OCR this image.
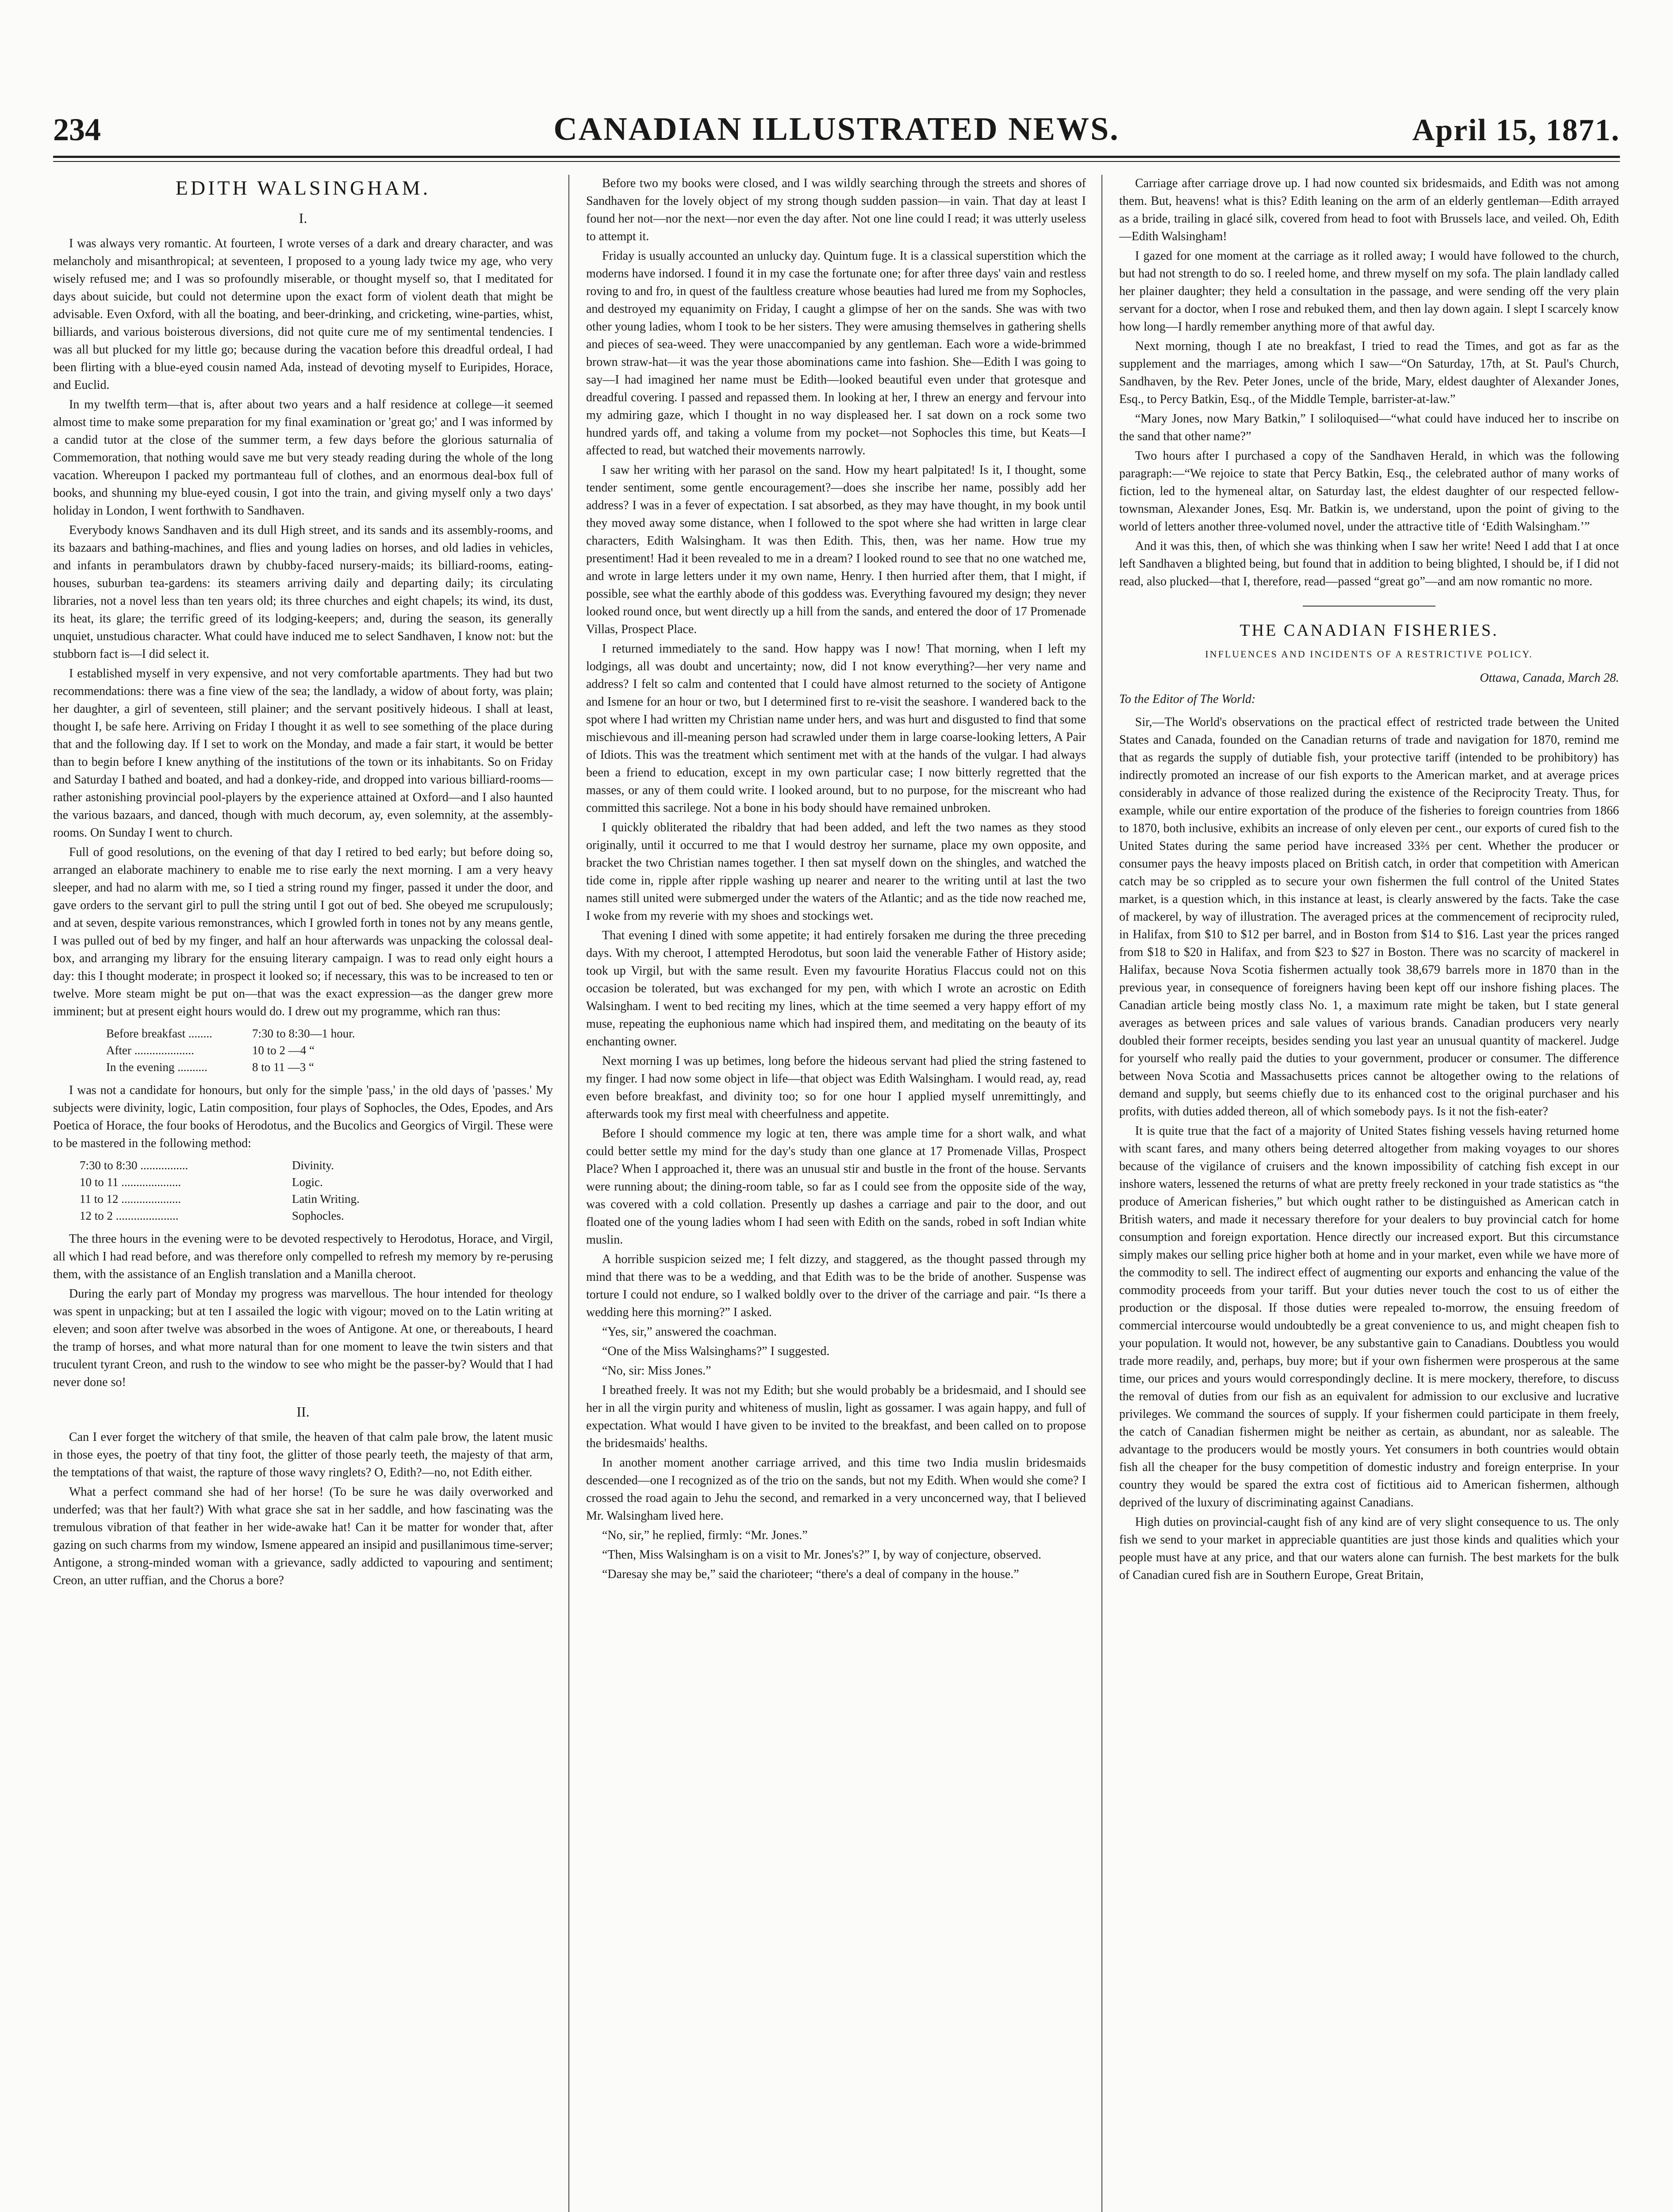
234	CANADIAN ILLUSTRATED NEWS.	April 15, 1871.
EDITH WALSINGHAM.
I.

I was always very romantic. At fourteen, I wrote verses of a dark and dreary character, and was melancholy and misanthropical; at seventeen, I proposed to a young lady twice my age, who very wisely refused me; and I was so profoundly miserable, or thought myself so, that I meditated for days about suicide, but could not determine upon the exact form of violent death that might be advisable. Even Oxford, with all the boating, and beer-drinking, and cricketing, wine-parties, whist, billiards, and various boisterous diversions, did not quite cure me of my sentimental tendencies. I was all but plucked for my little go; because during the vacation before this dreadful ordeal, I had been flirting with a blue-eyed cousin named Ada, instead of devoting myself to Euripides, Horace, and Euclid.

In my twelfth term—that is, after about two years and a half residence at college—it seemed almost time to make some preparation for my final examination or 'great go;' and I was informed by a candid tutor at the close of the summer term, a few days before the glorious saturnalia of Commemoration, that nothing would save me but very steady reading during the whole of the long vacation. Whereupon I packed my portmanteau full of clothes, and an enormous deal-box full of books, and shunning my blue-eyed cousin, I got into the train, and giving myself only a two days' holiday in London, I went forthwith to Sandhaven.

Everybody knows Sandhaven and its dull High street, and its sands and its assembly-rooms, and its bazaars and bathing-machines, and flies and young ladies on horses, and old ladies in vehicles, and infants in perambulators drawn by chubby-faced nursery-maids; its billiard-rooms, eating-houses, suburban tea-gardens: its steamers arriving daily and departing daily; its circulating libraries, not a novel less than ten years old; its three churches and eight chapels; its wind, its dust, its heat, its glare; the terrific greed of its lodging-keepers; and, during the season, its generally unquiet, unstudious character. What could have induced me to select Sandhaven, I know not: but the stubborn fact is—I did select it.

I established myself in very expensive, and not very comfortable apartments. They had but two recommendations: there was a fine view of the sea; the landlady, a widow of about forty, was plain; her daughter, a girl of seventeen, still plainer; and the servant positively hideous. I shall at least, thought I, be safe here. Arriving on Friday I thought it as well to see something of the place during that and the following day. If I set to work on the Monday, and made a fair start, it would be better than to begin before I knew anything of the institutions of the town or its inhabitants. So on Friday and Saturday I bathed and boated, and had a donkey-ride, and dropped into various billiard-rooms—rather astonishing provincial pool-players by the experience attained at Oxford—and I also haunted the various bazaars, and danced, though with much decorum, ay, even solemnity, at the assembly-rooms. On Sunday I went to church.

Full of good resolutions, on the evening of that day I retired to bed early; but before doing so, arranged an elaborate machinery to enable me to rise early the next morning. I am a very heavy sleeper, and had no alarm with me, so I tied a string round my finger, passed it under the door, and gave orders to the servant girl to pull the string until I got out of bed. She obeyed me scrupulously; and at seven, despite various remonstrances, which I growled forth in tones not by any means gentle, I was pulled out of bed by my finger, and half an hour afterwards was unpacking the colossal deal-box, and arranging my library for the ensuing literary campaign. I was to read only eight hours a day: this I thought moderate; in prospect it looked so; if necessary, this was to be increased to ten or twelve. More steam might be put on—that was the exact expression—as the danger grew more imminent; but at present eight hours would do. I drew out my programme, which ran thus:

Before breakfast ........	7:30 to 8:30—1 hour.
After ....................	10 to 2 —4 “
In the evening ..........	8 to 11 —3 “

I was not a candidate for honours, but only for the simple 'pass,' in the old days of 'passes.' My subjects were divinity, logic, Latin composition, four plays of Sophocles, the Odes, Epodes, and Ars Poetica of Horace, the four books of Herodotus, and the Bucolics and Georgics of Virgil. These were to be mastered in the following method:

7:30 to 8:30 ................	Divinity.
10 to 11 ....................	Logic.
11 to 12 ....................	Latin Writing.
12 to 2 .....................	Sophocles.

The three hours in the evening were to be devoted respectively to Herodotus, Horace, and Virgil, all which I had read before, and was therefore only compelled to refresh my memory by re-perusing them, with the assistance of an English translation and a Manilla cheroot.

During the early part of Monday my progress was marvellous. The hour intended for theology was spent in unpacking; but at ten I assailed the logic with vigour; moved on to the Latin writing at eleven; and soon after twelve was absorbed in the woes of Antigone. At one, or thereabouts, I heard the tramp of horses, and what more natural than for one moment to leave the twin sisters and that truculent tyrant Creon, and rush to the window to see who might be the passer-by? Would that I had never done so!

II.

Can I ever forget the witchery of that smile, the heaven of that calm pale brow, the latent music in those eyes, the poetry of that tiny foot, the glitter of those pearly teeth, the majesty of that arm, the temptations of that waist, the rapture of those wavy ringlets? O, Edith?—no, not Edith either.

What a perfect command she had of her horse! (To be sure he was daily overworked and underfed; was that her fault?) With what grace she sat in her saddle, and how fascinating was the tremulous vibration of that feather in her wide-awake hat! Can it be matter for wonder that, after gazing on such charms from my window, Ismene appeared an insipid and pusillanimous time-server; Antigone, a strong-minded woman with a grievance, sadly addicted to vapouring and sentiment; Creon, an utter ruffian, and the Chorus a bore?

Before two my books were closed, and I was wildly searching through the streets and shores of Sandhaven for the lovely object of my strong though sudden passion—in vain. That day at least I found her not—nor the next—nor even the day after. Not one line could I read; it was utterly useless to attempt it.

Friday is usually accounted an unlucky day. Quintum fuge. It is a classical superstition which the moderns have indorsed. I found it in my case the fortunate one; for after three days' vain and restless roving to and fro, in quest of the faultless creature whose beauties had lured me from my Sophocles, and destroyed my equanimity on Friday, I caught a glimpse of her on the sands. She was with two other young ladies, whom I took to be her sisters. They were amusing themselves in gathering shells and pieces of sea-weed. They were unaccompanied by any gentleman. Each wore a wide-brimmed brown straw-hat—it was the year those abominations came into fashion. She—Edith I was going to say—I had imagined her name must be Edith—looked beautiful even under that grotesque and dreadful covering. I passed and repassed them. In looking at her, I threw an energy and fervour into my admiring gaze, which I thought in no way displeased her. I sat down on a rock some two hundred yards off, and taking a volume from my pocket—not Sophocles this time, but Keats—I affected to read, but watched their movements narrowly.

I saw her writing with her parasol on the sand. How my heart palpitated! Is it, I thought, some tender sentiment, some gentle encouragement?—does she inscribe her name, possibly add her address? I was in a fever of expectation. I sat absorbed, as they may have thought, in my book until they moved away some distance, when I followed to the spot where she had written in large clear characters, Edith Walsingham. It was then Edith. This, then, was her name. How true my presentiment! Had it been revealed to me in a dream? I looked round to see that no one watched me, and wrote in large letters under it my own name, Henry. I then hurried after them, that I might, if possible, see what the earthly abode of this goddess was. Everything favoured my design; they never looked round once, but went directly up a hill from the sands, and entered the door of 17 Promenade Villas, Prospect Place.

I returned immediately to the sand. How happy was I now! That morning, when I left my lodgings, all was doubt and uncertainty; now, did I not know everything?—her very name and address? I felt so calm and contented that I could have almost returned to the society of Antigone and Ismene for an hour or two, but I determined first to re-visit the seashore. I wandered back to the spot where I had written my Christian name under hers, and was hurt and disgusted to find that some mischievous and ill-meaning person had scrawled under them in large coarse-looking letters, A Pair of Idiots. This was the treatment which sentiment met with at the hands of the vulgar. I had always been a friend to education, except in my own particular case; I now bitterly regretted that the masses, or any of them could write. I looked around, but to no purpose, for the miscreant who had committed this sacrilege. Not a bone in his body should have remained unbroken.

I quickly obliterated the ribaldry that had been added, and left the two names as they stood originally, until it occurred to me that I would destroy her surname, place my own opposite, and bracket the two Christian names together. I then sat myself down on the shingles, and watched the tide come in, ripple after ripple washing up nearer and nearer to the writing until at last the two names still united were submerged under the waters of the Atlantic; and as the tide now reached me, I woke from my reverie with my shoes and stockings wet.

That evening I dined with some appetite; it had entirely forsaken me during the three preceding days. With my cheroot, I attempted Herodotus, but soon laid the venerable Father of History aside; took up Virgil, but with the same result. Even my favourite Horatius Flaccus could not on this occasion be tolerated, but was exchanged for my pen, with which I wrote an acrostic on Edith Walsingham. I went to bed reciting my lines, which at the time seemed a very happy effort of my muse, repeating the euphonious name which had inspired them, and meditating on the beauty of its enchanting owner.

Next morning I was up betimes, long before the hideous servant had plied the string fastened to my finger. I had now some object in life—that object was Edith Walsingham. I would read, ay, read even before breakfast, and divinity too; so for one hour I applied myself unremittingly, and afterwards took my first meal with cheerfulness and appetite.

Before I should commence my logic at ten, there was ample time for a short walk, and what could better settle my mind for the day's study than one glance at 17 Promenade Villas, Prospect Place? When I approached it, there was an unusual stir and bustle in the front of the house. Servants were running about; the dining-room table, so far as I could see from the opposite side of the way, was covered with a cold collation. Presently up dashes a carriage and pair to the door, and out floated one of the young ladies whom I had seen with Edith on the sands, robed in soft Indian white muslin.

A horrible suspicion seized me; I felt dizzy, and staggered, as the thought passed through my mind that there was to be a wedding, and that Edith was to be the bride of another. Suspense was torture I could not endure, so I walked boldly over to the driver of the carriage and pair. “Is there a wedding here this morning?” I asked.

“Yes, sir,” answered the coachman.

“One of the Miss Walsinghams?” I suggested.

“No, sir: Miss Jones.”

I breathed freely. It was not my Edith; but she would probably be a bridesmaid, and I should see her in all the virgin purity and whiteness of muslin, light as gossamer. I was again happy, and full of expectation. What would I have given to be invited to the breakfast, and been called on to propose the bridesmaids' healths.

In another moment another carriage arrived, and this time two India muslin bridesmaids descended—one I recognized as of the trio on the sands, but not my Edith. When would she come? I crossed the road again to Jehu the second, and remarked in a very unconcerned way, that I believed Mr. Walsingham lived here.

“No, sir,” he replied, firmly: “Mr. Jones.”

“Then, Miss Walsingham is on a visit to Mr. Jones's?” I, by way of conjecture, observed.

“Daresay she may be,” said the charioteer; “there's a deal of company in the house.”

Carriage after carriage drove up. I had now counted six bridesmaids, and Edith was not among them. But, heavens! what is this? Edith leaning on the arm of an elderly gentleman—Edith arrayed as a bride, trailing in glacé silk, covered from head to foot with Brussels lace, and veiled. Oh, Edith—Edith Walsingham!

I gazed for one moment at the carriage as it rolled away; I would have followed to the church, but had not strength to do so. I reeled home, and threw myself on my sofa. The plain landlady called her plainer daughter; they held a consultation in the passage, and were sending off the very plain servant for a doctor, when I rose and rebuked them, and then lay down again. I slept I scarcely know how long—I hardly remember anything more of that awful day.

Next morning, though I ate no breakfast, I tried to read the Times, and got as far as the supplement and the marriages, among which I saw—“On Saturday, 17th, at St. Paul's Church, Sandhaven, by the Rev. Peter Jones, uncle of the bride, Mary, eldest daughter of Alexander Jones, Esq., to Percy Batkin, Esq., of the Middle Temple, barrister-at-law.”

“Mary Jones, now Mary Batkin,” I soliloquised—“what could have induced her to inscribe on the sand that other name?”

Two hours after I purchased a copy of the Sandhaven Herald, in which was the following paragraph:—“We rejoice to state that Percy Batkin, Esq., the celebrated author of many works of fiction, led to the hymeneal altar, on Saturday last, the eldest daughter of our respected fellow-townsman, Alexander Jones, Esq. Mr. Batkin is, we understand, upon the point of giving to the world of letters another three-volumed novel, under the attractive title of ‘Edith Walsingham.’”

And it was this, then, of which she was thinking when I saw her write! Need I add that I at once left Sandhaven a blighted being, but found that in addition to being blighted, I should be, if I did not read, also plucked—that I, therefore, read—passed “great go”—and am now romantic no more.

THE CANADIAN FISHERIES.
INFLUENCES AND INCIDENTS OF A RESTRICTIVE POLICY.
Ottawa, Canada, March 28.
To the Editor of The World:

Sir,—The World's observations on the practical effect of restricted trade between the United States and Canada, founded on the Canadian returns of trade and navigation for 1870, remind me that as regards the supply of dutiable fish, your protective tariff (intended to be prohibitory) has indirectly promoted an increase of our fish exports to the American market, and at average prices considerably in advance of those realized during the existence of the Reciprocity Treaty. Thus, for example, while our entire exportation of the produce of the fisheries to foreign countries from 1866 to 1870, both inclusive, exhibits an increase of only eleven per cent., our exports of cured fish to the United States during the same period have increased 33⅔ per cent. Whether the producer or consumer pays the heavy imposts placed on British catch, in order that competition with American catch may be so crippled as to secure your own fishermen the full control of the United States market, is a question which, in this instance at least, is clearly answered by the facts. Take the case of mackerel, by way of illustration. The averaged prices at the commencement of reciprocity ruled, in Halifax, from $10 to $12 per barrel, and in Boston from $14 to $16. Last year the prices ranged from $18 to $20 in Halifax, and from $23 to $27 in Boston. There was no scarcity of mackerel in Halifax, because Nova Scotia fishermen actually took 38,679 barrels more in 1870 than in the previous year, in consequence of foreigners having been kept off our inshore fishing places. The Canadian article being mostly class No. 1, a maximum rate might be taken, but I state general averages as between prices and sale values of various brands. Canadian producers very nearly doubled their former receipts, besides sending you last year an unusual quantity of mackerel. Judge for yourself who really paid the duties to your government, producer or consumer. The difference between Nova Scotia and Massachusetts prices cannot be altogether owing to the relations of demand and supply, but seems chiefly due to its enhanced cost to the original purchaser and his profits, with duties added thereon, all of which somebody pays. Is it not the fish-eater?

It is quite true that the fact of a majority of United States fishing vessels having returned home with scant fares, and many others being deterred altogether from making voyages to our shores because of the vigilance of cruisers and the known impossibility of catching fish except in our inshore waters, lessened the returns of what are pretty freely reckoned in your trade statistics as “the produce of American fisheries,” but which ought rather to be distinguished as American catch in British waters, and made it necessary therefore for your dealers to buy provincial catch for home consumption and foreign exportation. Hence directly our increased export. But this circumstance simply makes our selling price higher both at home and in your market, even while we have more of the commodity to sell. The indirect effect of augmenting our exports and enhancing the value of the commodity proceeds from your tariff. But your duties never touch the cost to us of either the production or the disposal. If those duties were repealed to-morrow, the ensuing freedom of commercial intercourse would undoubtedly be a great convenience to us, and might cheapen fish to your population. It would not, however, be any substantive gain to Canadians. Doubtless you would trade more readily, and, perhaps, buy more; but if your own fishermen were prosperous at the same time, our prices and yours would correspondingly decline. It is mere mockery, therefore, to discuss the removal of duties from our fish as an equivalent for admission to our exclusive and lucrative privileges. We command the sources of supply. If your fishermen could participate in them freely, the catch of Canadian fishermen might be neither as certain, as abundant, nor as saleable. The advantage to the producers would be mostly yours. Yet consumers in both countries would obtain fish all the cheaper for the busy competition of domestic industry and foreign enterprise. In your country they would be spared the extra cost of fictitious aid to American fishermen, although deprived of the luxury of discriminating against Canadians.

High duties on provincial-caught fish of any kind are of very slight consequence to us. The only fish we send to your market in appreciable quantities are just those kinds and qualities which your people must have at any price, and that our waters alone can furnish. The best markets for the bulk of Canadian cured fish are in Southern Europe, Great Britain,
